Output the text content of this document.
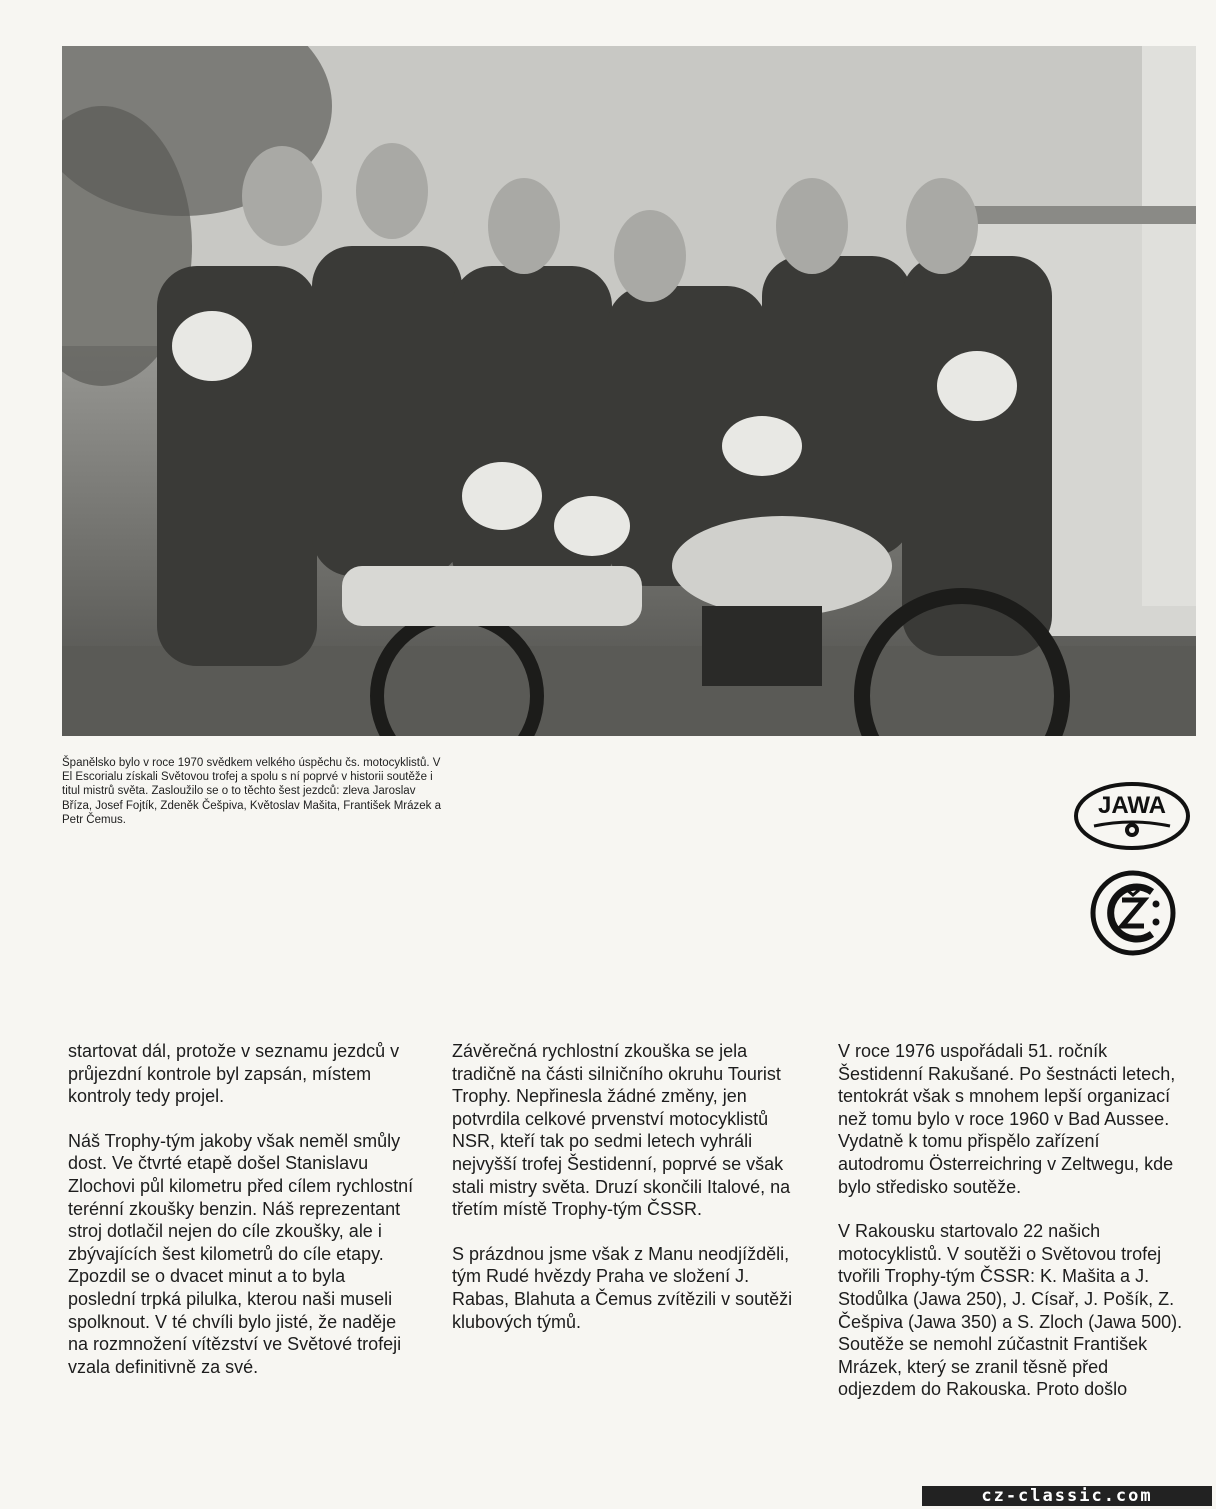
Španělsko bylo v roce 1970 svědkem velkého úspěchu čs. motocyklistů. V El Escorialu získali Světovou trofej a spolu s ní poprvé v historii soutěže i titul mistrů světa. Zasloužilo se o to těchto šest jezdců: zleva Jaroslav Bříza, Josef Fojtík, Zdeněk Češpiva, Květoslav Mašita, František Mrázek a Petr Čemus.

JAWA

startovat dál, protože v seznamu jezdců v průjezdní kontrole byl zapsán, místem kontroly tedy projel.

Náš Trophy-tým jakoby však neměl smůly dost. Ve čtvrté etapě došel Stanislavu Zlochovi půl kilometru před cílem rychlostní terénní zkoušky benzin. Náš reprezentant stroj dotlačil nejen do cíle zkoušky, ale i zbývajících šest kilometrů do cíle etapy. Zpozdil se o dvacet minut a to byla poslední trpká pilulka, kterou naši museli spolknout. V té chvíli bylo jisté, že naděje na rozmnožení vítězství ve Světové trofeji vzala definitivně za své.

Závěrečná rychlostní zkouška se jela tradičně na části silničního okruhu Tourist Trophy. Nepřinesla žádné změny, jen potvrdila celkové prvenství motocyklistů NSR, kteří tak po sedmi letech vyhráli nejvyšší trofej Šestidenní, poprvé se však stali mistry světa. Druzí skončili Italové, na třetím místě Trophy-tým ČSSR.

S prázdnou jsme však z Manu neodjížděli, tým Rudé hvězdy Praha ve složení J. Rabas, Blahuta a Čemus zvítězili v soutěži klubových týmů.

V roce 1976 uspořádali 51. ročník Šestidenní Rakušané. Po šestnácti letech, tentokrát však s mnohem lepší organizací než tomu bylo v roce 1960 v Bad Aussee. Vydatně k tomu přispělo zařízení autodromu Österreichring v Zeltwegu, kde bylo středisko soutěže.

V Rakousku startovalo 22 našich motocyklistů. V soutěži o Světovou trofej tvořili Trophy-tým ČSSR: K. Mašita a J. Stodůlka (Jawa 250), J. Císař, J. Pošík, Z. Češpiva (Jawa 350) a S. Zloch (Jawa 500). Soutěže se nemohl zúčastnit František Mrázek, který se zranil těsně před odjezdem do Rakouska. Proto došlo

cz-classic.com
